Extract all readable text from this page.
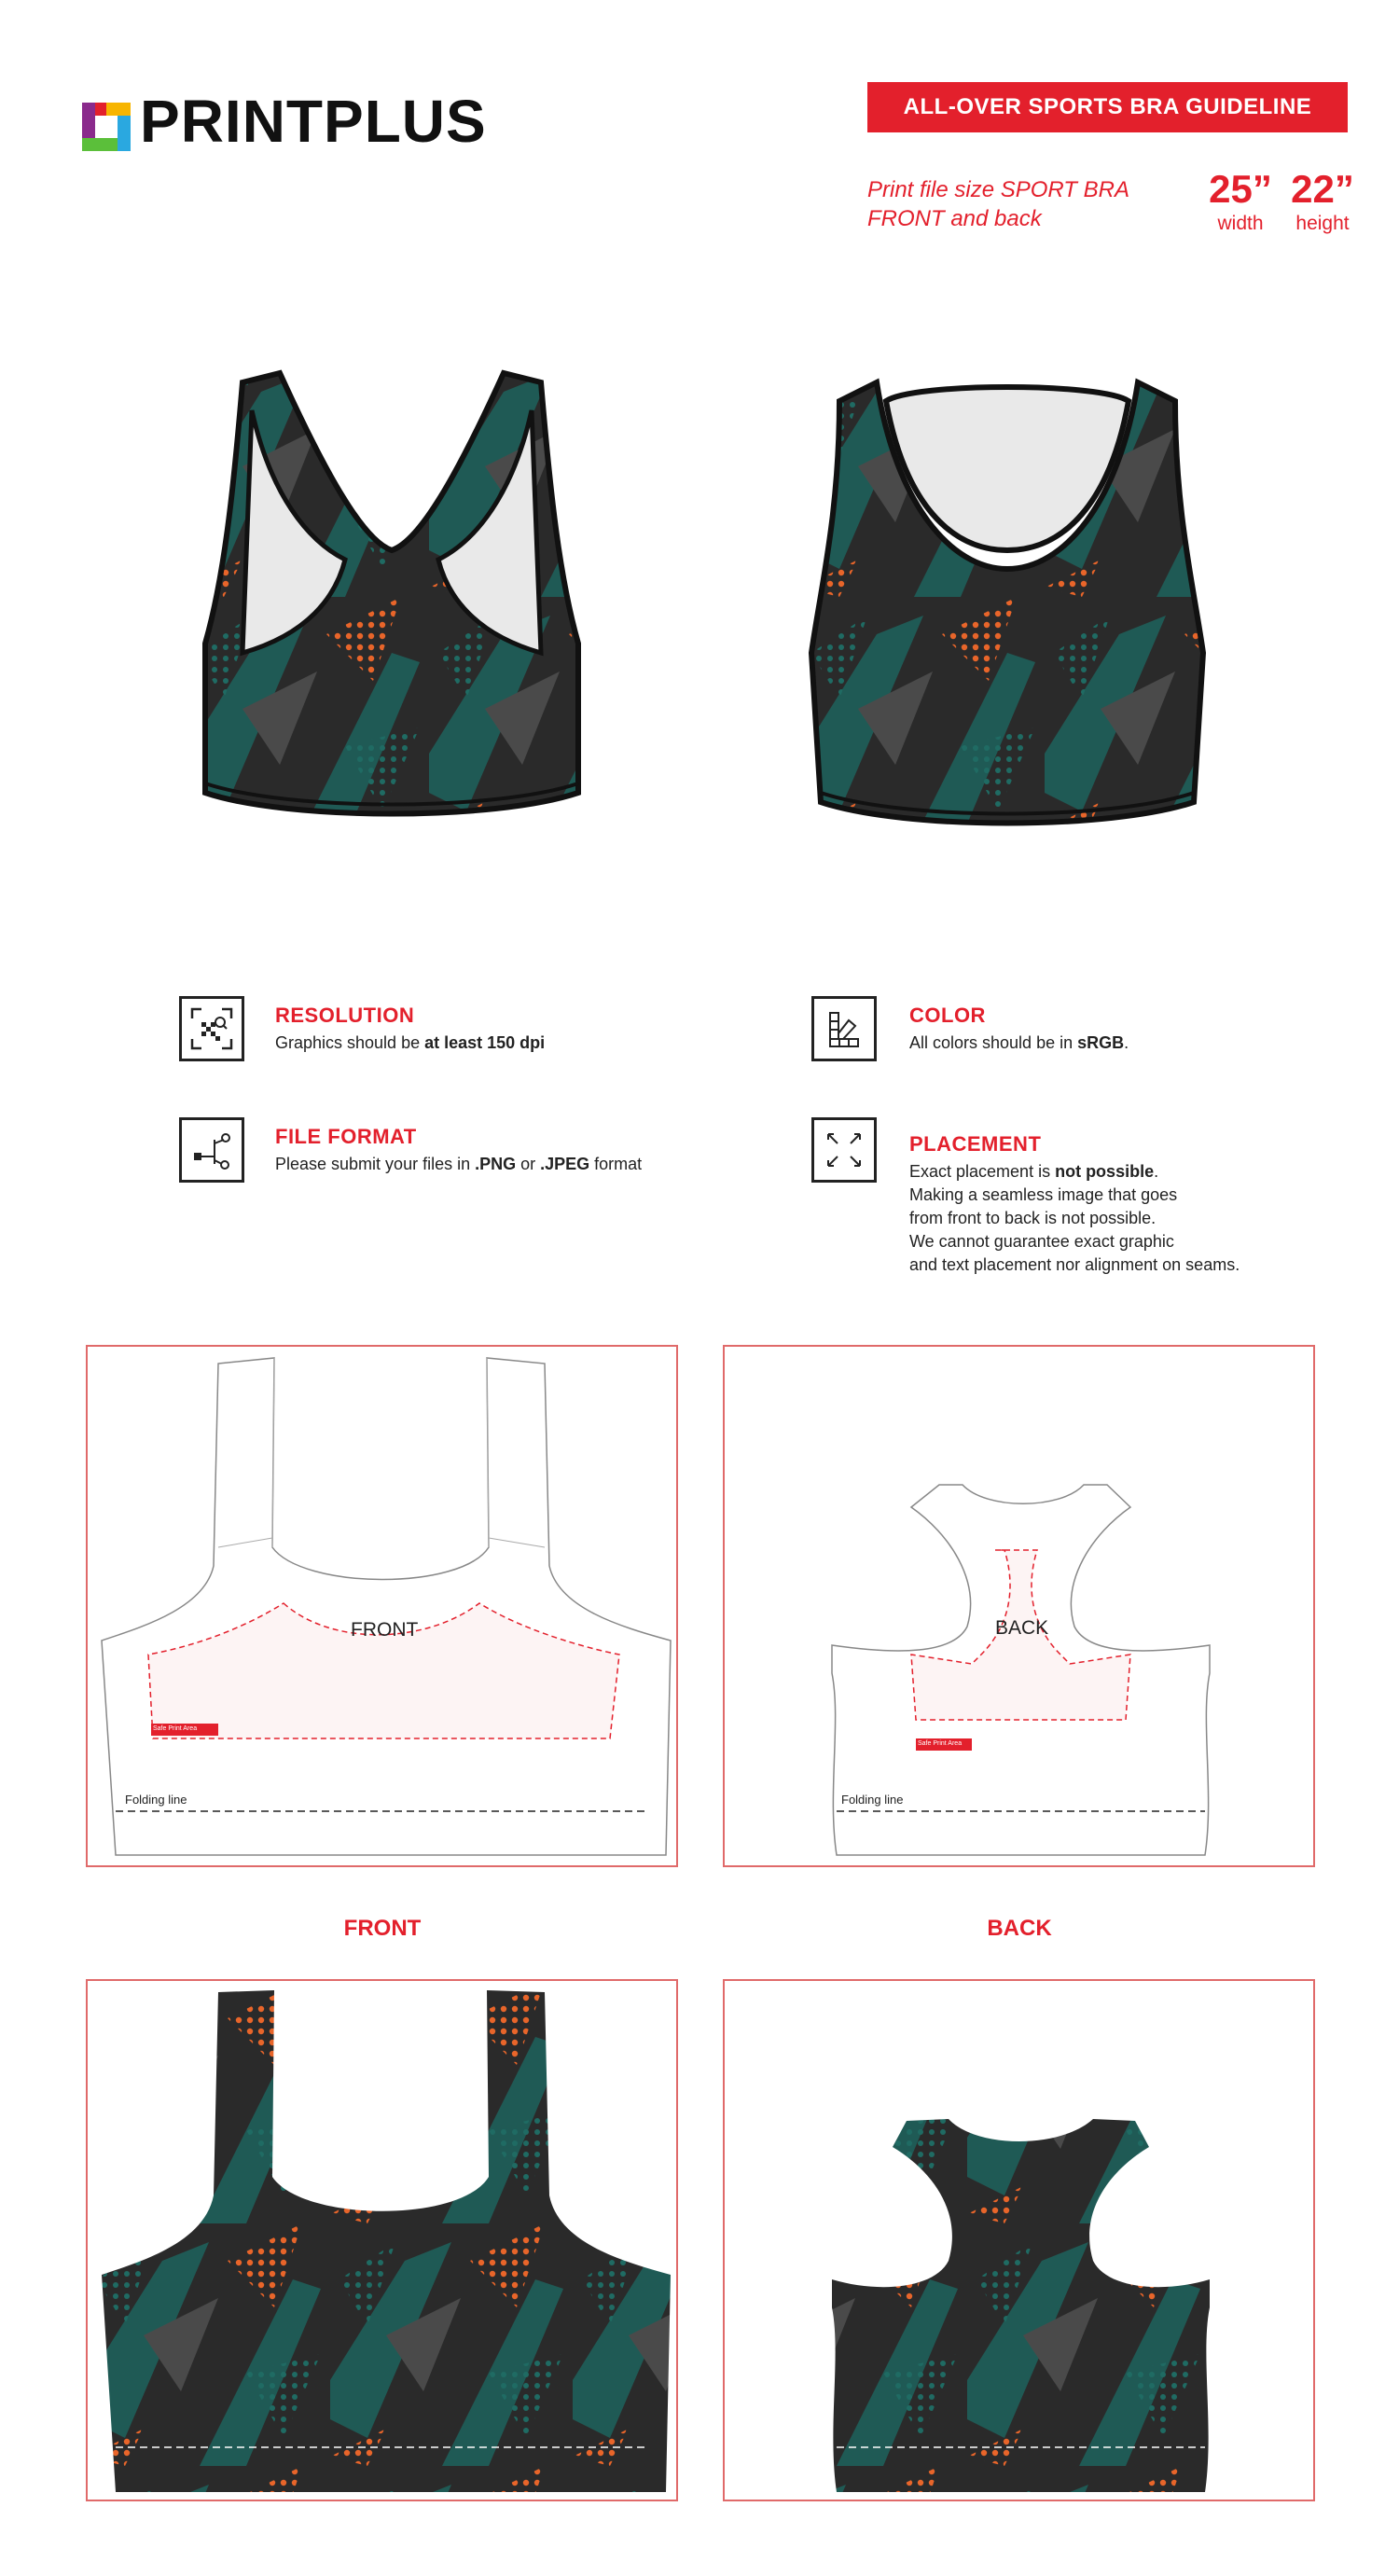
PRINTPLUS	ALL-OVER SPORTS BRA GUIDELINE
Print file size SPORT BRA
FRONT and back
25”
width
22”
height
RESOLUTION
Graphics should be at least 150 dpi
COLOR
All colors should be in sRGB.
FILE FORMAT
Please submit your files in .PNG or .JPEG format
PLACEMENT
Exact placement is not possible.
Making a seamless image that goes
from front to back is not possible.
We cannot guarantee exact graphic
and text placement nor alignment on seams.
FRONT
Folding line
Safe Print Area
BACK
Folding line
Safe Print Area
FRONT	BACK
